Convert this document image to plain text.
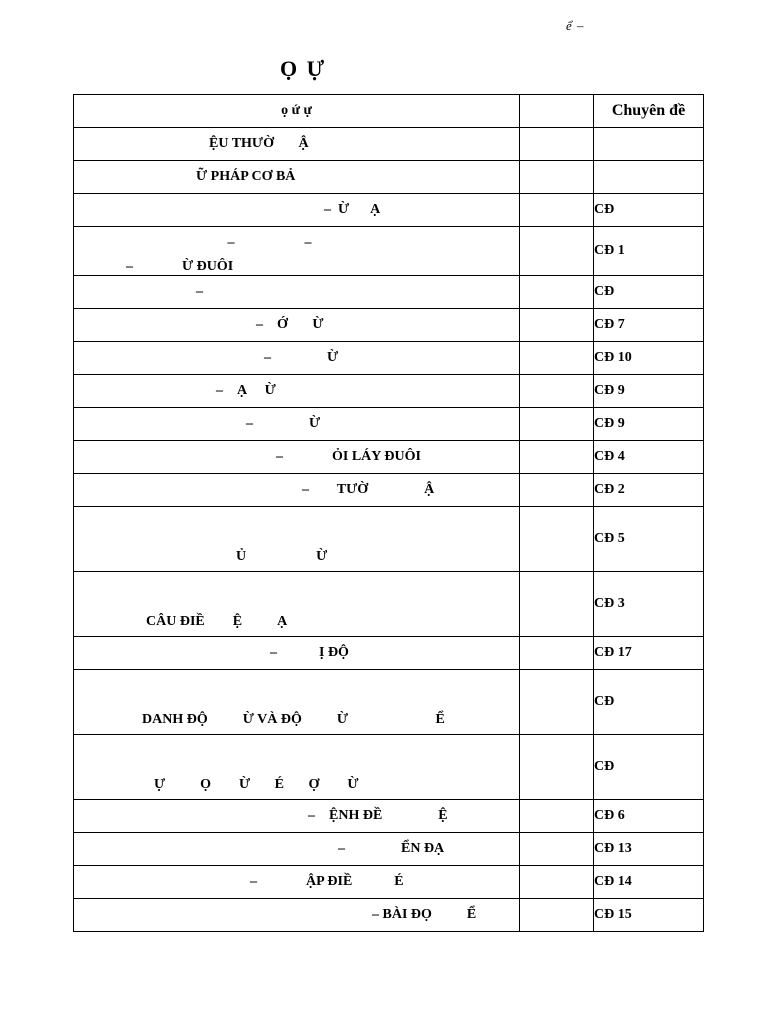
ể –
Ọ Ự
ọ ứ ự		Chuyên đề

ỆU THƯỜ       Ậ		

Ữ PHÁP CƠ BẢ		

–  Ừ      Ạ		CĐ

–                    –
–              Ừ ĐUÔI		CĐ 1

–		CĐ

–    Ớ       Ừ		CĐ 7

–                Ừ		CĐ 10

–    Ạ     Ừ		CĐ 9

–                Ừ		CĐ 9

–              ỎI LÁY ĐUÔI		CĐ 4

–        TƯỜ                Ậ		CĐ 2

Ủ                    Ừ		CĐ 5

CÂU ĐIỀ        Ệ          Ạ		CĐ 3

–            Ị ĐỘ		CĐ 17

DANH ĐỘ          Ừ VÀ ĐỘ          Ừ                         Ể		CĐ

Ự          Ọ        Ừ       É       Ợ        Ừ		CĐ

–    ỆNH ĐỀ                Ệ		CĐ 6

–                ỂN ĐẠ		CĐ 13

–              ẬP ĐIỀ            É		CĐ 14

– BÀI ĐỌ          Ể		CĐ 15
